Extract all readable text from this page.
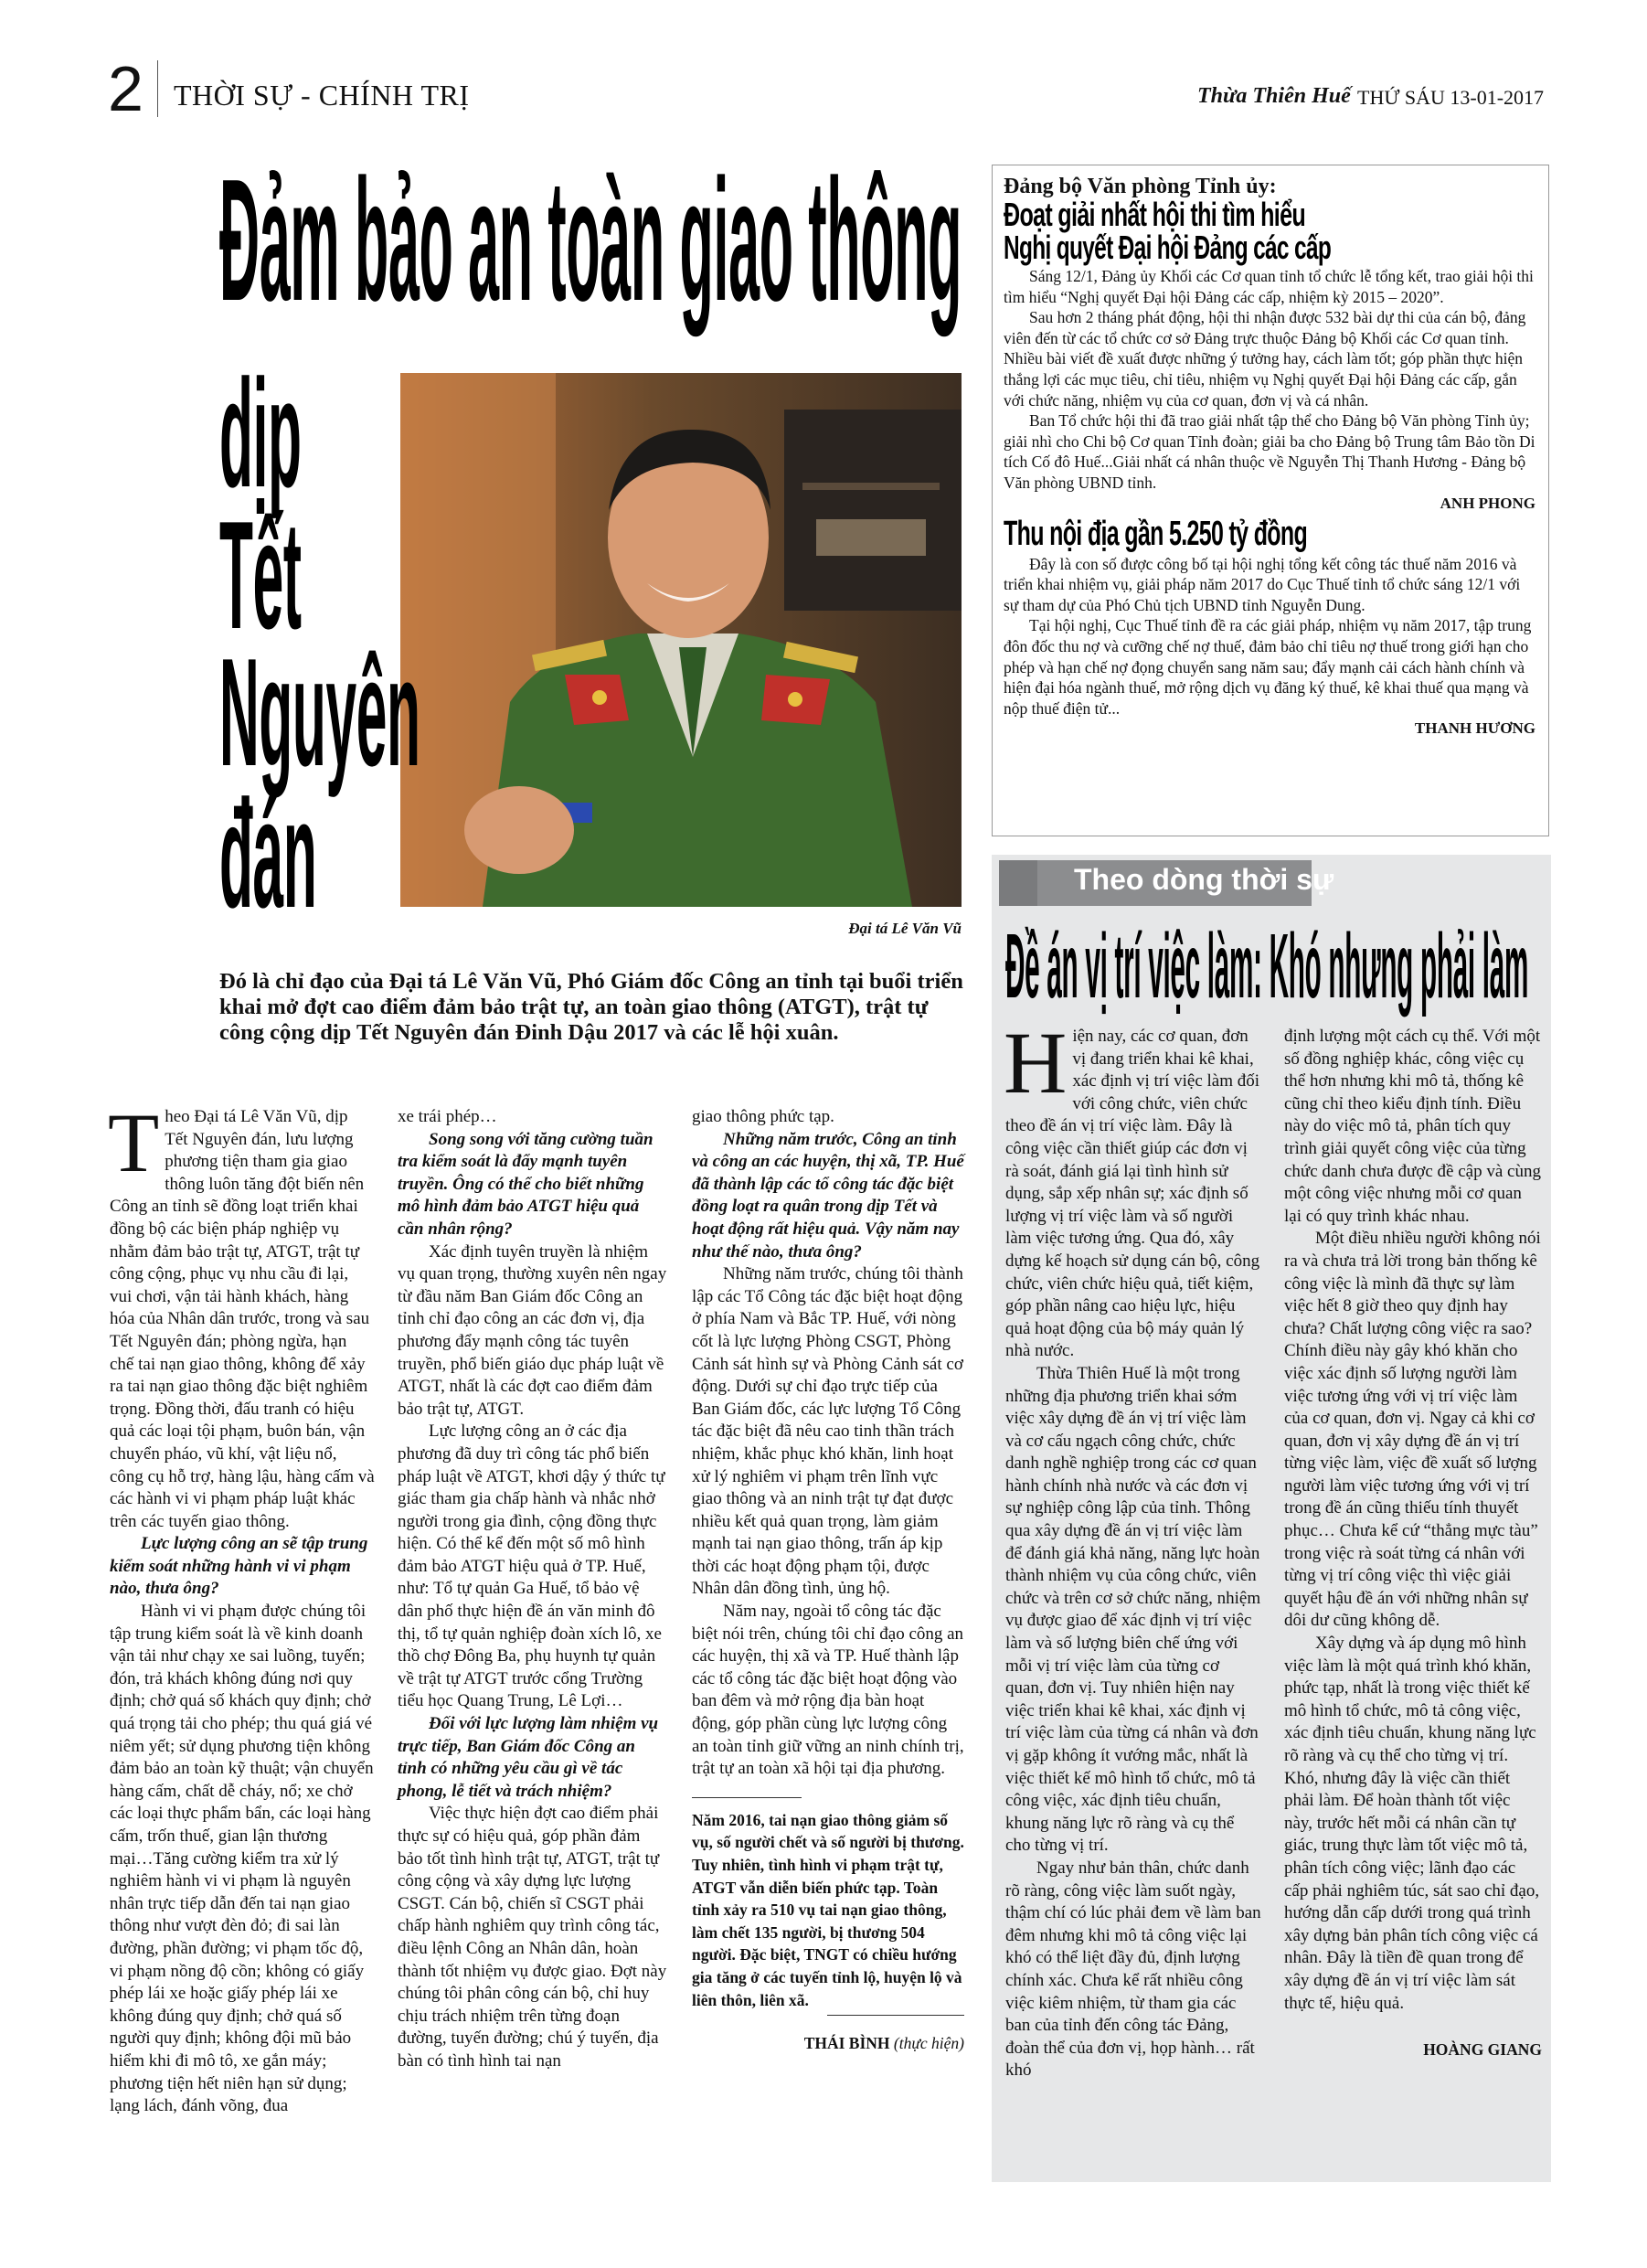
2 THỜI SỰ - CHÍNH TRỊ	Thừa Thiên Huế THỨ SÁU 13-01-2017
Đảm bảo an toàn giao thông
dịp
Tết
Nguyên
đán	Đại tá Lê Văn Vũ
Đó là chỉ đạo của Đại tá Lê Văn Vũ, Phó Giám đốc Công an tỉnh tại buổi triển khai mở đợt cao điểm đảm bảo trật tự, an toàn giao thông (ATGT), trật tự công cộng dịp Tết Nguyên đán Đinh Dậu 2017 và các lễ hội xuân.

Theo Đại tá Lê Văn Vũ, dịp Tết Nguyên đán, lưu lượng phương tiện tham gia giao thông luôn tăng đột biến nên Công an tỉnh sẽ đồng loạt triển khai đồng bộ các biện pháp nghiệp vụ nhằm đảm bảo trật tự, ATGT, trật tự công cộng, phục vụ nhu cầu đi lại, vui chơi, vận tải hành khách, hàng hóa của Nhân dân trước, trong và sau Tết Nguyên đán; phòng ngừa, hạn chế tai nạn giao thông, không để xảy ra tai nạn giao thông đặc biệt nghiêm trọng. Đồng thời, đấu tranh có hiệu quả các loại tội phạm, buôn bán, vận chuyển pháo, vũ khí, vật liệu nổ, công cụ hỗ trợ, hàng lậu, hàng cấm và các hành vi vi phạm pháp luật khác trên các tuyến giao thông.

Lực lượng công an sẽ tập trung kiểm soát những hành vi vi phạm nào, thưa ông?

Hành vi vi phạm được chúng tôi tập trung kiểm soát là về kinh doanh vận tải như chạy xe sai luồng, tuyến; đón, trả khách không đúng nơi quy định; chở quá số khách quy định; chở quá trọng tải cho phép; thu quá giá vé niêm yết; sử dụng phương tiện không đảm bảo an toàn kỹ thuật; vận chuyển hàng cấm, chất dễ cháy, nổ; xe chở các loại thực phẩm bẩn, các loại hàng cấm, trốn thuế, gian lận thương mại…Tăng cường kiểm tra xử lý nghiêm hành vi vi phạm là nguyên nhân trực tiếp dẫn đến tai nạn giao thông như vượt đèn đỏ; đi sai làn đường, phần đường; vi phạm tốc độ, vi phạm nồng độ cồn; không có giấy phép lái xe hoặc giấy phép lái xe không đúng quy định; chở quá số người quy định; không đội mũ bảo hiểm khi đi mô tô, xe gắn máy; phương tiện hết niên hạn sử dụng; lạng lách, đánh võng, đua

xe trái phép…

Song song với tăng cường tuần tra kiểm soát là đẩy mạnh tuyên truyền. Ông có thể cho biết những mô hình đảm bảo ATGT hiệu quả cần nhân rộng?

Xác định tuyên truyền là nhiệm vụ quan trọng, thường xuyên nên ngay từ đầu năm Ban Giám đốc Công an tỉnh chỉ đạo công an các đơn vị, địa phương đẩy mạnh công tác tuyên truyền, phổ biến giáo dục pháp luật về ATGT, nhất là các đợt cao điểm đảm bảo trật tự, ATGT.

Lực lượng công an ở các địa phương đã duy trì công tác phổ biến pháp luật về ATGT, khơi dậy ý thức tự giác tham gia chấp hành và nhắc nhở người trong gia đình, cộng đồng thực hiện. Có thể kể đến một số mô hình đảm bảo ATGT hiệu quả ở TP. Huế, như: Tổ tự quản Ga Huế, tổ bảo vệ dân phố thực hiện đề án văn minh đô thị, tổ tự quản nghiệp đoàn xích lô, xe thồ chợ Đông Ba, phụ huynh tự quản về trật tự ATGT trước cổng Trường tiểu học Quang Trung, Lê Lợi…

Đối với lực lượng làm nhiệm vụ trực tiếp, Ban Giám đốc Công an tỉnh có những yêu cầu gì về tác phong, lễ tiết và trách nhiệm?

Việc thực hiện đợt cao điểm phải thực sự có hiệu quả, góp phần đảm bảo tốt tình hình trật tự, ATGT, trật tự công cộng và xây dựng lực lượng CSGT. Cán bộ, chiến sĩ CSGT phải chấp hành nghiêm quy trình công tác, điều lệnh Công an Nhân dân, hoàn thành tốt nhiệm vụ được giao. Đợt này chúng tôi phân công cán bộ, chỉ huy chịu trách nhiệm trên từng đoạn đường, tuyến đường; chú ý tuyến, địa bàn có tình hình tai nạn

giao thông phức tạp.

Những năm trước, Công an tỉnh và công an các huyện, thị xã, TP. Huế đã thành lập các tổ công tác đặc biệt đồng loạt ra quân trong dịp Tết và hoạt động rất hiệu quả. Vậy năm nay như thế nào, thưa ông?

Những năm trước, chúng tôi thành lập các Tổ Công tác đặc biệt hoạt động ở phía Nam và Bắc TP. Huế, với nòng cốt là lực lượng Phòng CSGT, Phòng Cảnh sát hình sự và Phòng Cảnh sát cơ động. Dưới sự chỉ đạo trực tiếp của Ban Giám đốc, các lực lượng Tổ Công tác đặc biệt đã nêu cao tinh thần trách nhiệm, khắc phục khó khăn, linh hoạt xử lý nghiêm vi phạm trên lĩnh vực giao thông và an ninh trật tự đạt được nhiều kết quả quan trọng, làm giảm mạnh tai nạn giao thông, trấn áp kịp thời các hoạt động phạm tội, được Nhân dân đồng tình, ủng hộ.

Năm nay, ngoài tổ công tác đặc biệt nói trên, chúng tôi chỉ đạo công an các huyện, thị xã và TP. Huế thành lập các tổ công tác đặc biệt hoạt động vào ban đêm và mở rộng địa bàn hoạt động, góp phần cùng lực lượng công an toàn tỉnh giữ vững an ninh chính trị, trật tự an toàn xã hội tại địa phương.

Năm 2016, tai nạn giao thông giảm số vụ, số người chết và số người bị thương. Tuy nhiên, tình hình vi phạm trật tự, ATGT vẫn diễn biến phức tạp. Toàn tỉnh xảy ra 510 vụ tai nạn giao thông, làm chết 135 người, bị thương 504 người. Đặc biệt, TNGT có chiều hướng gia tăng ở các tuyến tỉnh lộ, huyện lộ và liên thôn, liên xã.
THÁI BÌNH (thực hiện)
Đảng bộ Văn phòng Tỉnh ủy:
Đoạt giải nhất hội thi tìm hiểu
Nghị quyết Đại hội Đảng các cấp

Sáng 12/1, Đảng ủy Khối các Cơ quan tỉnh tổ chức lễ tổng kết, trao giải hội thi tìm hiểu “Nghị quyết Đại hội Đảng các cấp, nhiệm kỳ 2015 – 2020”.

Sau hơn 2 tháng phát động, hội thi nhận được 532 bài dự thi của cán bộ, đảng viên đến từ các tổ chức cơ sở Đảng trực thuộc Đảng bộ Khối các Cơ quan tỉnh. Nhiều bài viết đề xuất được những ý tưởng hay, cách làm tốt; góp phần thực hiện thắng lợi các mục tiêu, chỉ tiêu, nhiệm vụ Nghị quyết Đại hội Đảng các cấp, gắn với chức năng, nhiệm vụ của cơ quan, đơn vị và cá nhân.

Ban Tổ chức hội thi đã trao giải nhất tập thể cho Đảng bộ Văn phòng Tỉnh ủy; giải nhì cho Chi bộ Cơ quan Tỉnh đoàn; giải ba cho Đảng bộ Trung tâm Bảo tồn Di tích Cố đô Huế...Giải nhất cá nhân thuộc về Nguyễn Thị Thanh Hương - Đảng bộ Văn phòng UBND tỉnh.

ANH PHONG
Thu nội địa gần 5.250 tỷ đồng

Đây là con số được công bố tại hội nghị tổng kết công tác thuế năm 2016 và triển khai nhiệm vụ, giải pháp năm 2017 do Cục Thuế tỉnh tổ chức sáng 12/1 với sự tham dự của Phó Chủ tịch UBND tỉnh Nguyễn Dung.

Tại hội nghị, Cục Thuế tỉnh đề ra các giải pháp, nhiệm vụ năm 2017, tập trung đôn đốc thu nợ và cưỡng chế nợ thuế, đảm bảo chỉ tiêu nợ thuế trong giới hạn cho phép và hạn chế nợ đọng chuyển sang năm sau; đẩy mạnh cải cách hành chính và hiện đại hóa ngành thuế, mở rộng dịch vụ đăng ký thuế, kê khai thuế qua mạng và nộp thuế điện tử...

THANH HƯƠNG
Theo dòng thời sự
Đề án vị trí việc làm: Khó nhưng phải làm

Hiện nay, các cơ quan, đơn vị đang triển khai kê khai, xác định vị trí việc làm đối với công chức, viên chức theo đề án vị trí việc làm. Đây là công việc cần thiết giúp các đơn vị rà soát, đánh giá lại tình hình sử dụng, sắp xếp nhân sự; xác định số lượng vị trí việc làm và số người làm việc tương ứng. Qua đó, xây dựng kế hoạch sử dụng cán bộ, công chức, viên chức hiệu quả, tiết kiệm, góp phần nâng cao hiệu lực, hiệu quả hoạt động của bộ máy quản lý nhà nước.

Thừa Thiên Huế là một trong những địa phương triển khai sớm việc xây dựng đề án vị trí việc làm và cơ cấu ngạch công chức, chức danh nghề nghiệp trong các cơ quan hành chính nhà nước và các đơn vị sự nghiệp công lập của tỉnh. Thông qua xây dựng đề án vị trí việc làm để đánh giá khả năng, năng lực hoàn thành nhiệm vụ của công chức, viên chức và trên cơ sở chức năng, nhiệm vụ được giao để xác định vị trí việc làm và số lượng biên chế ứng với mỗi vị trí việc làm của từng cơ quan, đơn vị. Tuy nhiên hiện nay việc triển khai kê khai, xác định vị trí việc làm của từng cá nhân và đơn vị gặp không ít vướng mắc, nhất là việc thiết kế mô hình tổ chức, mô tả công việc, xác định tiêu chuẩn, khung năng lực rõ ràng và cụ thể cho từng vị trí.

Ngay như bản thân, chức danh rõ ràng, công việc làm suốt ngày, thậm chí có lúc phải đem về làm ban đêm nhưng khi mô tả công việc lại khó có thể liệt đầy đủ, định lượng chính xác. Chưa kể rất nhiều công việc kiêm nhiệm, từ tham gia các ban của tỉnh đến công tác Đảng, đoàn thể của đơn vị, họp hành… rất khó

định lượng một cách cụ thể. Với một số đồng nghiệp khác, công việc cụ thể hơn nhưng khi mô tả, thống kê cũng chỉ theo kiểu định tính. Điều này do việc mô tả, phân tích quy trình giải quyết công việc của từng chức danh chưa được đề cập và cùng một công việc nhưng mỗi cơ quan lại có quy trình khác nhau.

Một điều nhiều người không nói ra và chưa trả lời trong bản thống kê công việc là mình đã thực sự làm việc hết 8 giờ theo quy định hay chưa? Chất lượng công việc ra sao? Chính điều này gây khó khăn cho việc xác định số lượng người làm việc tương ứng với vị trí việc làm của cơ quan, đơn vị. Ngay cả khi cơ quan, đơn vị xây dựng đề án vị trí từng việc làm, việc đề xuất số lượng người làm việc tương ứng với vị trí trong đề án cũng thiếu tính thuyết phục… Chưa kể cứ “thẳng mực tàu” trong việc rà soát từng cá nhân với từng vị trí công việc thì việc giải quyết hậu đề án với những nhân sự dôi dư cũng không dễ.

Xây dựng và áp dụng mô hình việc làm là một quá trình khó khăn, phức tạp, nhất là trong việc thiết kế mô hình tổ chức, mô tả công việc, xác định tiêu chuẩn, khung năng lực rõ ràng và cụ thể cho từng vị trí. Khó, nhưng đây là việc cần thiết phải làm. Để hoàn thành tốt việc này, trước hết mỗi cá nhân cần tự giác, trung thực làm tốt việc mô tả, phân tích công việc; lãnh đạo các cấp phải nghiêm túc, sát sao chỉ đạo, hướng dẫn cấp dưới trong quá trình xây dựng bản phân tích công việc cá nhân. Đây là tiền đề quan trong để xây dựng đề án vị trí việc làm sát thực tế, hiệu quả.

HOÀNG GIANG
